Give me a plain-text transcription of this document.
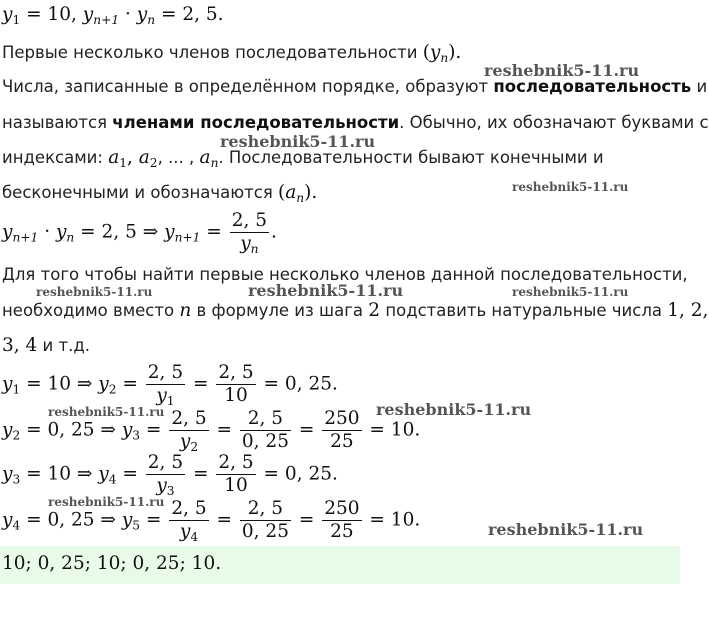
$y_1 = 10$, $y_{n+1} \cdot y_n = 2$, 5.
Первые несколько членов последовательности $(y_n)$.
Числа, записанные в определённом порядке, образуют последовательность и
называются членами последовательности. Обычно, их обозначают буквами с
индексами: $a_1$, $a_2$, ... , $a_n$. Последовательности бывают конечными и
бесконечными и обозначаются $(a_n)$.
$y_{n+1} \cdot y_n = 2$, 5 ⇒ $y_{n+1} = \frac{2, 5}{y_n}$ .
Для того чтобы найти первые несколько членов данной последовательности,
необходимо вместо n в формуле из шага 2 подставить натуральные числа 1, 2,
3, 4 и т.д.
$y_1 = 10$ ⇒ $y_2 = \frac{2, 5}{y_1} = \frac{2, 5}{10} = 0$, 25.
$y_2 = 0$, 25 ⇒ $y_3 = \frac{2, 5}{y_2} = \frac{2, 5}{0, 25} = \frac{250}{25} = 10$.
$y_3 = 10$ ⇒ $y_4 = \frac{2, 5}{y_3} = \frac{2, 5}{10} = 0$, 25.
$y_4 = 0$, 25 ⇒ $y_5 = \frac{2, 5}{y_4} = \frac{2, 5}{0, 25} = \frac{250}{25} = 10$.
10; 0, 25; 10; 0, 25; 10.
reshebnik5-11.ru
reshebnik5-11.ru
reshebnik5-11.ru
reshebnik5-11.ru	reshebnik5-11.ru	reshebnik5-11.ru
reshebnik5-11.ru	reshebnik5-11.ru
reshebnik5-11.ru
reshebnik5-11.ru
